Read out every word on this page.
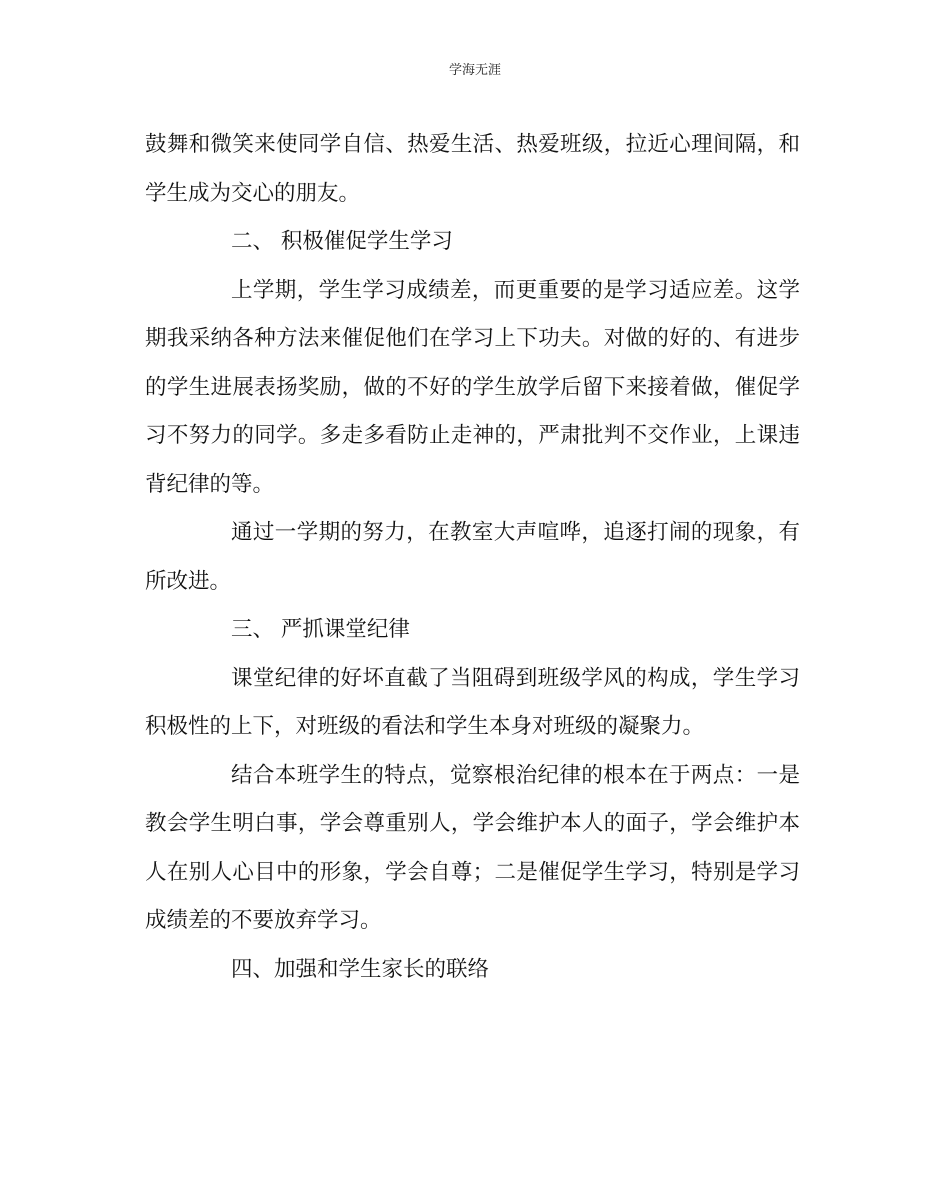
学海无涯

鼓舞和微笑来使同学自信、热爱生活、热爱班级，拉近心理间隔，和

学生成为交心的朋友。

二、 积极催促学生学习

上学期，学生学习成绩差，而更重要的是学习适应差。这学

期我采纳各种方法来催促他们在学习上下功夫。对做的好的、有进步

的学生进展表扬奖励，做的不好的学生放学后留下来接着做，催促学

习不努力的同学。多走多看防止走神的，严肃批判不交作业，上课违

背纪律的等。

通过一学期的努力，在教室大声喧哗，追逐打闹的现象，有

所改进。

三、 严抓课堂纪律

课堂纪律的好坏直截了当阻碍到班级学风的构成，学生学习

积极性的上下，对班级的看法和学生本身对班级的凝聚力。

结合本班学生的特点，觉察根治纪律的根本在于两点：一是

教会学生明白事，学会尊重别人，学会维护本人的面子，学会维护本

人在别人心目中的形象，学会自尊；二是催促学生学习，特别是学习

成绩差的不要放弃学习。

四、加强和学生家长的联络
